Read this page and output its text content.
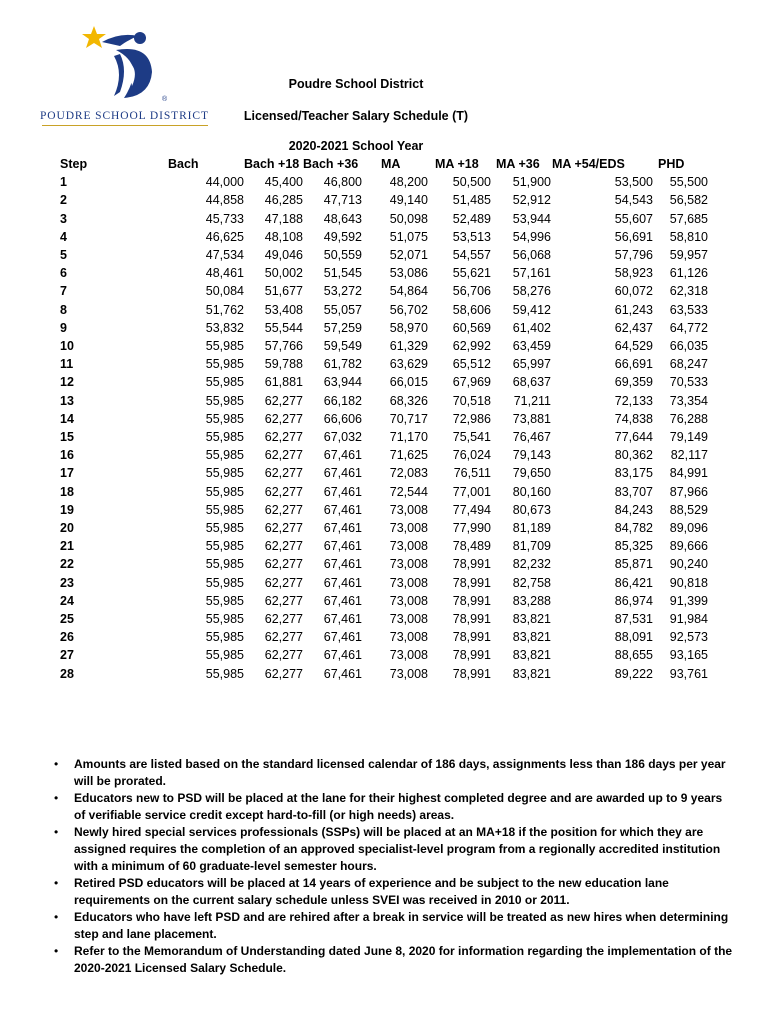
®
POUDRE SCHOOL DISTRICT
Poudre School District
Licensed/Teacher Salary Schedule (T)
2020-2021 School Year
Step	Bach	Bach +18	Bach +36	MA	MA +18	MA +36	MA +54/EDS	PHD
1	44,000	45,400	46,800	48,200	50,500	51,900	53,500	55,500
2	44,858	46,285	47,713	49,140	51,485	52,912	54,543	56,582
3	45,733	47,188	48,643	50,098	52,489	53,944	55,607	57,685
4	46,625	48,108	49,592	51,075	53,513	54,996	56,691	58,810
5	47,534	49,046	50,559	52,071	54,557	56,068	57,796	59,957
6	48,461	50,002	51,545	53,086	55,621	57,161	58,923	61,126
7	50,084	51,677	53,272	54,864	56,706	58,276	60,072	62,318
8	51,762	53,408	55,057	56,702	58,606	59,412	61,243	63,533
9	53,832	55,544	57,259	58,970	60,569	61,402	62,437	64,772
10	55,985	57,766	59,549	61,329	62,992	63,459	64,529	66,035
11	55,985	59,788	61,782	63,629	65,512	65,997	66,691	68,247
12	55,985	61,881	63,944	66,015	67,969	68,637	69,359	70,533
13	55,985	62,277	66,182	68,326	70,518	71,211	72,133	73,354
14	55,985	62,277	66,606	70,717	72,986	73,881	74,838	76,288
15	55,985	62,277	67,032	71,170	75,541	76,467	77,644	79,149
16	55,985	62,277	67,461	71,625	76,024	79,143	80,362	82,117
17	55,985	62,277	67,461	72,083	76,511	79,650	83,175	84,991
18	55,985	62,277	67,461	72,544	77,001	80,160	83,707	87,966
19	55,985	62,277	67,461	73,008	77,494	80,673	84,243	88,529
20	55,985	62,277	67,461	73,008	77,990	81,189	84,782	89,096
21	55,985	62,277	67,461	73,008	78,489	81,709	85,325	89,666
22	55,985	62,277	67,461	73,008	78,991	82,232	85,871	90,240
23	55,985	62,277	67,461	73,008	78,991	82,758	86,421	90,818
24	55,985	62,277	67,461	73,008	78,991	83,288	86,974	91,399
25	55,985	62,277	67,461	73,008	78,991	83,821	87,531	91,984
26	55,985	62,277	67,461	73,008	78,991	83,821	88,091	92,573
27	55,985	62,277	67,461	73,008	78,991	83,821	88,655	93,165
28	55,985	62,277	67,461	73,008	78,991	83,821	89,222	93,761
• Amounts are listed based on the standard licensed calendar of 186 days, assignments less than 186 days per year will be prorated.
• Educators new to PSD will be placed at the lane for their highest completed degree and are awarded up to 9 years of verifiable service credit except hard-to-fill (or high needs) areas.
• Newly hired special services professionals (SSPs) will be placed at an MA+18 if the position for which they are assigned requires the completion of an approved specialist-level program from a regionally accredited institution with a minimum of 60 graduate-level semester hours.
• Retired PSD educators will be placed at 14 years of experience and be subject to the new education lane requirements on the current salary schedule unless SVEI was received in 2010 or 2011.
• Educators who have left PSD and are rehired after a break in service will be treated as new hires when determining step and lane placement.
• Refer to the Memorandum of Understanding dated June 8, 2020 for information regarding the implementation of the 2020-2021 Licensed Salary Schedule.
